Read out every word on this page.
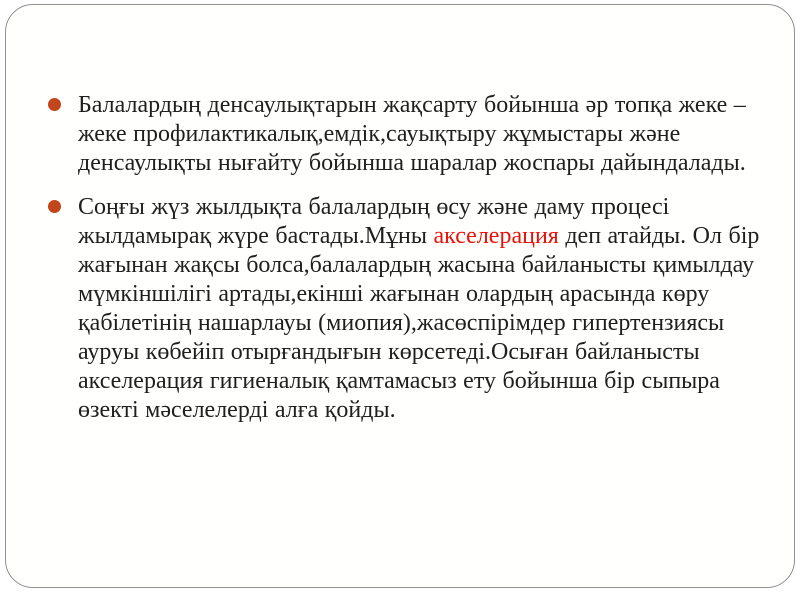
Балалардың денсаулықтарын жақсарту бойынша әр топқа жеке –жеке профилактикалық,емдік,сауықтыру жұмыстары және денсаулықты нығайту бойынша шаралар жоспары дайындалады.

Соңғы жүз жылдықта балалардың өсу және даму процесі жылдамырақ жүре бастады.Мұны акселерация деп атайды. Ол бір жағынан жақсы болса,балалардың жасына байланысты қимылдау мүмкіншілігі артады,екінші жағынан олардың арасында көру қабілетінің нашарлауы (миопия),жасөспірімдер гипертензиясы ауруы көбейіп отырғандығын көрсетеді.Осыған байланысты акселерация гигиеналық қамтамасыз ету бойынша бір сыпыра өзекті мәселелерді алға қойды.
